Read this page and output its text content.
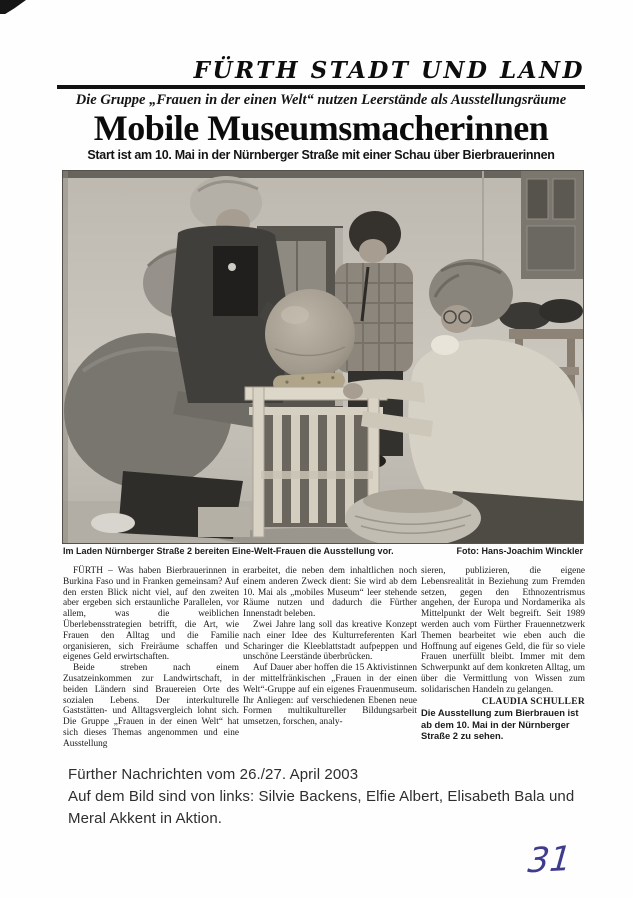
FÜRTH STADT UND LAND
Die Gruppe „Frauen in der einen Welt“ nutzen Leerstände als Ausstellungsräume
Mobile Museumsmacherinnen
Start ist am 10. Mai in der Nürnberger Straße mit einer Schau über Bierbrauerinnen
Im Laden Nürnberger Straße 2 bereiten Eine-Welt-Frauen die Ausstellung vor.	Foto: Hans-Joachim Winckler

FÜRTH – Was haben Bierbrauerinnen in Burkina Faso und in Franken gemeinsam? Auf den ersten Blick nicht viel, auf den zweiten aber ergeben sich erstaunliche Parallelen, vor allem, was die weiblichen Überlebensstrategien betrifft, die Art, wie Frauen den Alltag und die Familie organisieren, sich Freiräume schaffen und eigenes Geld erwirtschaften.

Beide streben nach einem Zusatzeinkommen zur Landwirtschaft, in beiden Ländern sind Brauereien Orte des sozialen Lebens. Der interkulturelle Gaststätten- und Alltagsvergleich lohnt sich. Die Gruppe „Frauen in der einen Welt“ hat sich dieses Themas angenommen und eine Ausstellung

erarbeitet, die neben dem inhaltlichen noch einem anderen Zweck dient: Sie wird ab dem 10. Mai als „mobiles Museum“ leer stehende Räume nutzen und dadurch die Fürther Innenstadt beleben.

Zwei Jahre lang soll das kreative Konzept nach einer Idee des Kulturreferenten Karl Scharinger die Kleeblattstadt aufpeppen und unschöne Leerstände überbrücken.

Auf Dauer aber hoffen die 15 Aktivistinnen der mittelfränkischen „Frauen in der einen Welt“-Gruppe auf ein eigenes Frauenmuseum. Ihr Anliegen: auf verschiedenen Ebenen neue Formen multikultureller Bildungsarbeit umsetzen, forschen, analy-

sieren, publizieren, die eigene Lebensrealität in Beziehung zum Fremden setzen, gegen den Ethnozentrismus angehen, der Europa und Nordamerika als Mittelpunkt der Welt begreift. Seit 1989 werden auch vom Fürther Frauennetzwerk Themen bearbeitet wie eben auch die Hoffnung auf eigenes Geld, die für so viele Frauen unerfüllt bleibt. Immer mit dem Schwerpunkt auf dem konkreten Alltag, um über die Vermittlung von Wissen zum solidarischen Handeln zu gelangen.

CLAUDIA SCHULLER

Die Ausstellung zum Bierbrauen ist ab dem 10. Mai in der Nürnberger Straße 2 zu sehen.

Fürther Nachrichten vom 26./27. April 2003
Auf dem Bild sind von links: Silvie Backens, Elfie Albert, Elisabeth Bala und Meral Akkent in Aktion.
31
